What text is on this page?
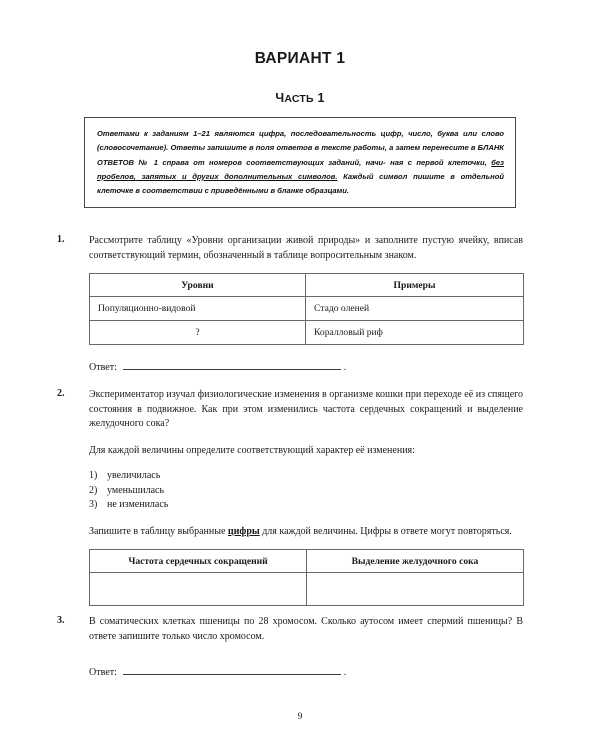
ВАРИАНТ 1
ЧАСТЬ 1

Ответами к заданиям 1–21 являются цифра, последовательность цифр, число, буква или слово (словосочетание). Ответы запишите в поля ответов в тексте работы, а затем перенесите в БЛАНК ОТВЕТОВ № 1 справа от номеров соответствующих заданий, начи- ная с первой клеточки, без пробелов, запятых и других дополнительных символов. Каждый символ пишите в отдельной клеточке в соответствии с приведёнными в бланке образцами.

1.	Рассмотрите таблицу «Уровни организации живой природы» и заполните пустую ячейку, вписав соответствующий термин, обозначенный в таблице вопросительным знаком.

Уровни	Примеры
Популяционно-видовой	Стадо оленей
?	Коралловый риф
Ответ:	.
2.	Экспериментатор изучал физиологические изменения в организме кошки при переходе её из спящего состояния в подвижное. Как при этом изменились частота сердечных сокращений и выделение желудочного сока?

Для каждой величины определите соответствующий характер её изменения:

1) увеличилась
2) уменьшилась
3) не изменилась

Запишите в таблицу выбранные цифры для каждой величины. Цифры в ответе могут повторяться.

Частота сердечных сокращений	Выделение желудочного сока

3.	В соматических клетках пшеницы по 28 хромосом. Сколько аутосом имеет спермий пшеницы? В ответе запишите только число хромосом.

Ответ:	.
9
